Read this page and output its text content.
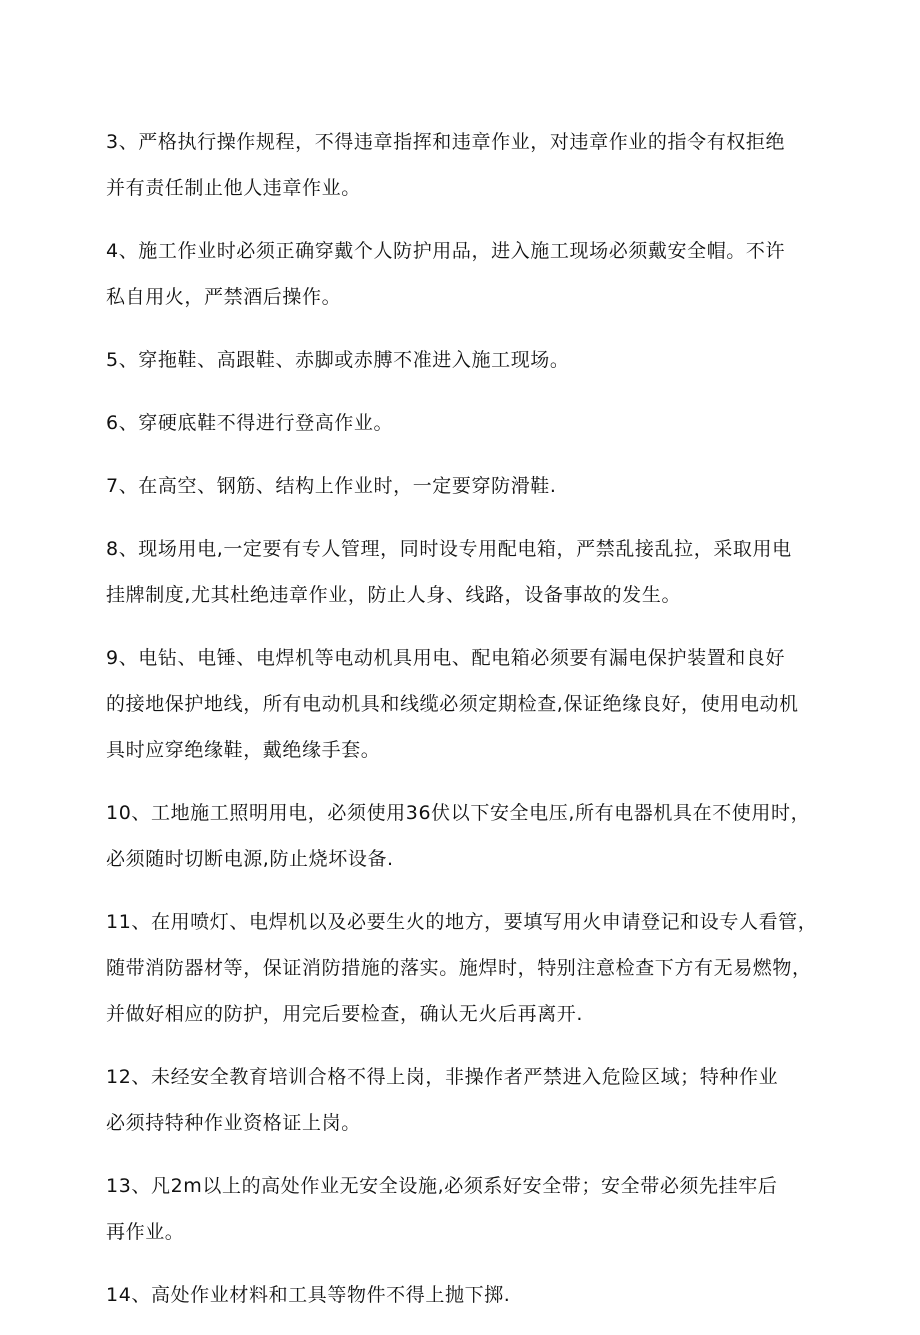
3、严格执行操作规程，不得违章指挥和违章作业，对违章作业的指令有权拒绝
并有责任制止他人违章作业。
4、施工作业时必须正确穿戴个人防护用品，进入施工现场必须戴安全帽。不许
私自用火，严禁酒后操作。
5、穿拖鞋、高跟鞋、赤脚或赤膊不准进入施工现场。
6、穿硬底鞋不得进行登高作业。
7、在高空、钢筋、结构上作业时，一定要穿防滑鞋.
8、现场用电,一定要有专人管理，同时设专用配电箱，严禁乱接乱拉，采取用电
挂牌制度,尤其杜绝违章作业，防止人身、线路，设备事故的发生。
9、电钻、电锤、电焊机等电动机具用电、配电箱必须要有漏电保护装置和良好
的接地保护地线，所有电动机具和线缆必须定期检查,保证绝缘良好，使用电动机
具时应穿绝缘鞋，戴绝缘手套。
10、工地施工照明用电，必须使用36伏以下安全电压,所有电器机具在不使用时，
必须随时切断电源,防止烧坏设备.
11、在用喷灯、电焊机以及必要生火的地方，要填写用火申请登记和设专人看管，
随带消防器材等，保证消防措施的落实。施焊时，特别注意检查下方有无易燃物，
并做好相应的防护，用完后要检查，确认无火后再离开.
12、未经安全教育培训合格不得上岗，非操作者严禁进入危险区域；特种作业
必须持特种作业资格证上岗。
13、凡2m以上的高处作业无安全设施,必须系好安全带；安全带必须先挂牢后
再作业。
14、高处作业材料和工具等物件不得上抛下掷.
